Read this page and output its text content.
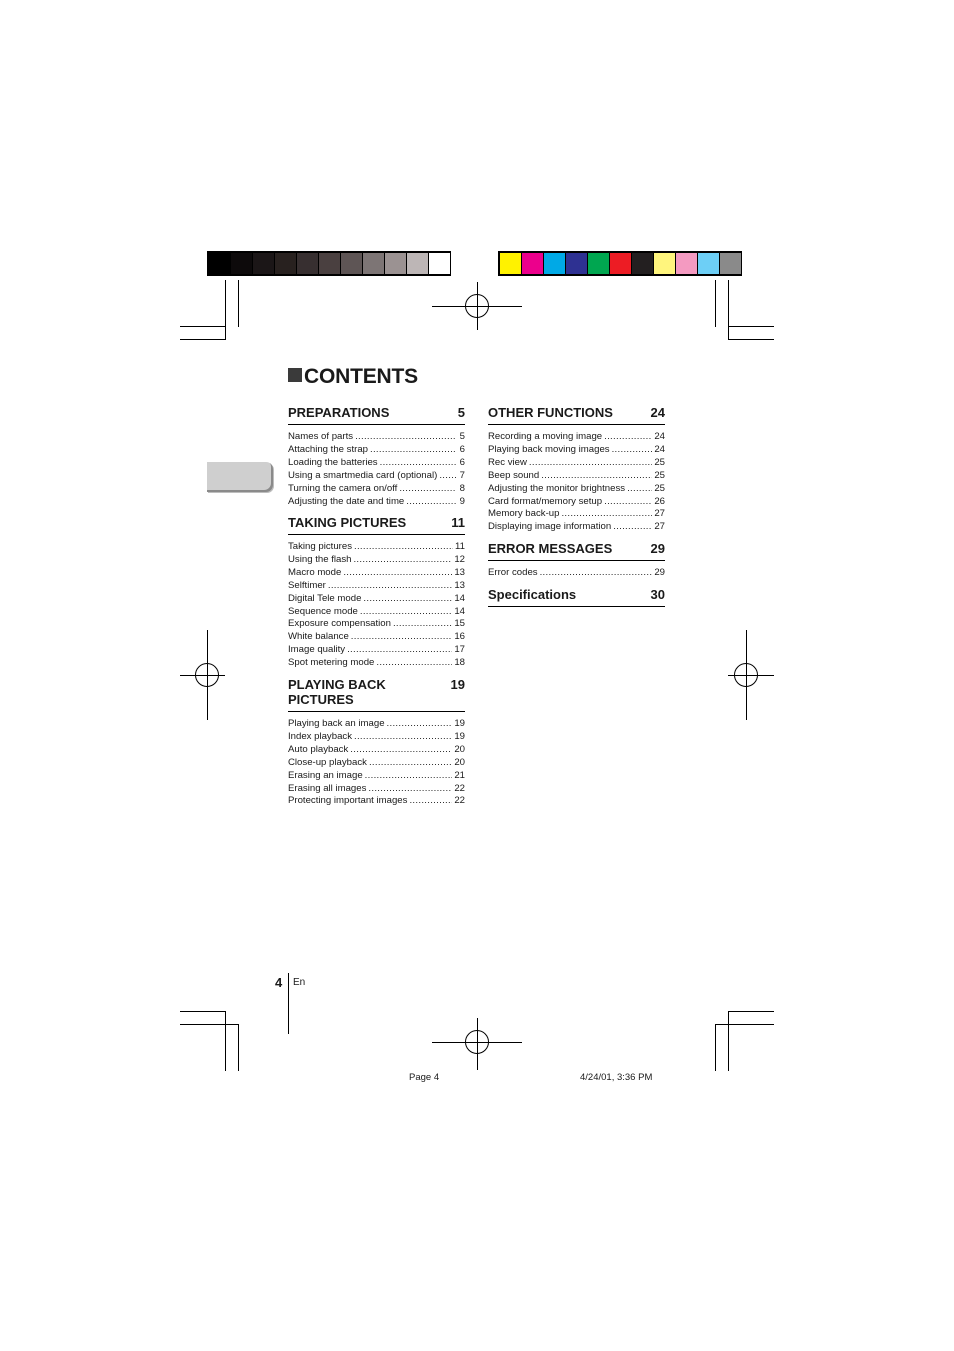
CONTENTS
PREPARATIONS	5
Names of parts .....	5
Attaching the strap .....	6
Loading the batteries .....	6
Using a smartmedia card (optional) ..... 7
Turning the camera on/off .....	8
Adjusting the date and time .....	9
TAKING PICTURES	11
Taking pictures .....	11
Using the flash .....	12
Macro mode .....	13
Selftimer .....	13
Digital Tele mode .....	14
Sequence mode .....	14
Exposure compensation .....	15
White balance .....	16
Image quality .....	17
Spot metering mode .....	18
PLAYING BACK PICTURES
19
Playing back an image .....	19
Index playback .....	19
Auto playback .....	20
Close-up playback .....	20
Erasing an image .....	21
Erasing all images .....	22
Protecting important images .....	22
OTHER FUNCTIONS	24
Recording a moving image .....	24
Playing back moving images .....	24
Rec view .....	25
Beep sound .....	25
Adjusting the monitor brightness .....	25
Card format/memory setup .....	26
Memory back-up .....	27
Displaying image information .....	27
ERROR MESSAGES	29
Error codes .....	29
Specifications	30
4 En
Page 4	4/24/01, 3:36 PM
